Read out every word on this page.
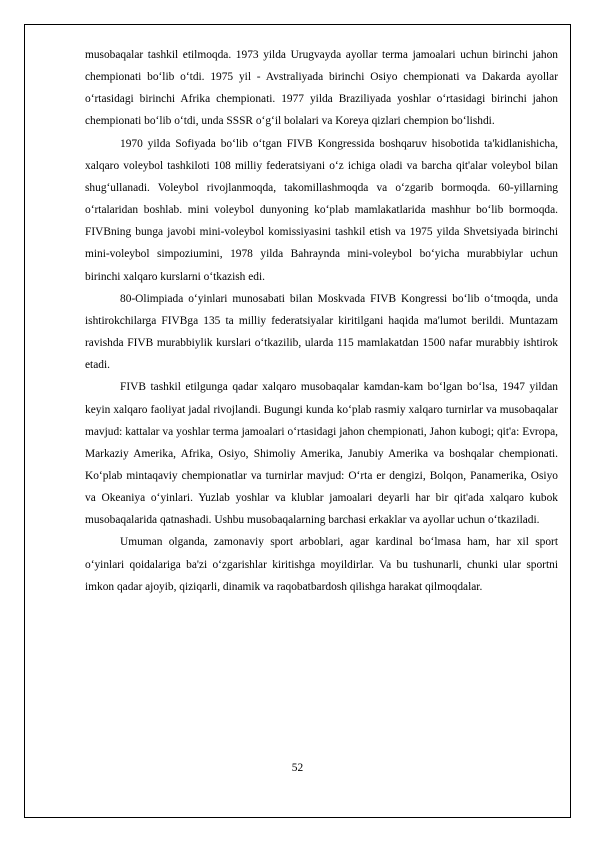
musobaqalar tashkil etilmoqda. 1973 yilda Urugvayda ayollar terma jamoalari uchun birinchi jahon chempionati bo‘lib o‘tdi. 1975 yil - Avstraliyada birinchi Osiyo chempionati va Dakarda ayollar o‘rtasidagi birinchi Afrika chempionati. 1977 yilda Braziliyada yoshlar o‘rtasidagi birinchi jahon chempionati bo‘lib o‘tdi, unda SSSR o‘g‘il bolalari va Koreya qizlari chempion bo‘lishdi.

1970 yilda Sofiyada bo‘lib o‘tgan FIVB Kongressida boshqaruv hisobotida ta'kidlanishicha, xalqaro voleybol tashkiloti 108 milliy federatsiyani o‘z ichiga oladi va barcha qit'alar voleybol bilan shug‘ullanadi. Voleybol rivojlanmoqda, takomillashmoqda va o‘zgarib bormoqda. 60-yillarning o‘rtalaridan boshlab. mini voleybol dunyoning ko‘plab mamlakatlarida mashhur bo‘lib bormoqda. FIVBning bunga javobi mini-voleybol komissiyasini tashkil etish va 1975 yilda Shvetsiyada birinchi mini-voleybol simpoziumini, 1978 yilda Bahraynda mini-voleybol bo‘yicha murabbiylar uchun birinchi xalqaro kurslarni o‘tkazish edi.

80-Olimpiada o‘yinlari munosabati bilan Moskvada FIVB Kongressi bo‘lib o‘tmoqda, unda ishtirokchilarga FIVBga 135 ta milliy federatsiyalar kiritilgani haqida ma'lumot berildi. Muntazam ravishda FIVB murabbiylik kurslari o‘tkazilib, ularda 115 mamlakatdan 1500 nafar murabbiy ishtirok etadi.

FIVB tashkil etilgunga qadar xalqaro musobaqalar kamdan-kam bo‘lgan bo‘lsa, 1947 yildan keyin xalqaro faoliyat jadal rivojlandi. Bugungi kunda ko‘plab rasmiy xalqaro turnirlar va musobaqalar mavjud: kattalar va yoshlar terma jamoalari o‘rtasidagi jahon chempionati, Jahon kubogi; qit'a: Evropa, Markaziy Amerika, Afrika, Osiyo, Shimoliy Amerika, Janubiy Amerika va boshqalar chempionati. Ko‘plab mintaqaviy chempionatlar va turnirlar mavjud: O‘rta er dengizi, Bolqon, Panamerika, Osiyo va Okeaniya o‘yinlari. Yuzlab yoshlar va klublar jamoalari deyarli har bir qit'ada xalqaro kubok musobaqalarida qatnashadi. Ushbu musobaqalarning barchasi erkaklar va ayollar uchun o‘tkaziladi.

Umuman olganda, zamonaviy sport arboblari, agar kardinal bo‘lmasa ham, har xil sport o‘yinlari qoidalariga ba'zi o‘zgarishlar kiritishga moyildirlar. Va bu tushunarli, chunki ular sportni imkon qadar ajoyib, qiziqarli, dinamik va raqobatbardosh qilishga harakat qilmoqdalar.

52
